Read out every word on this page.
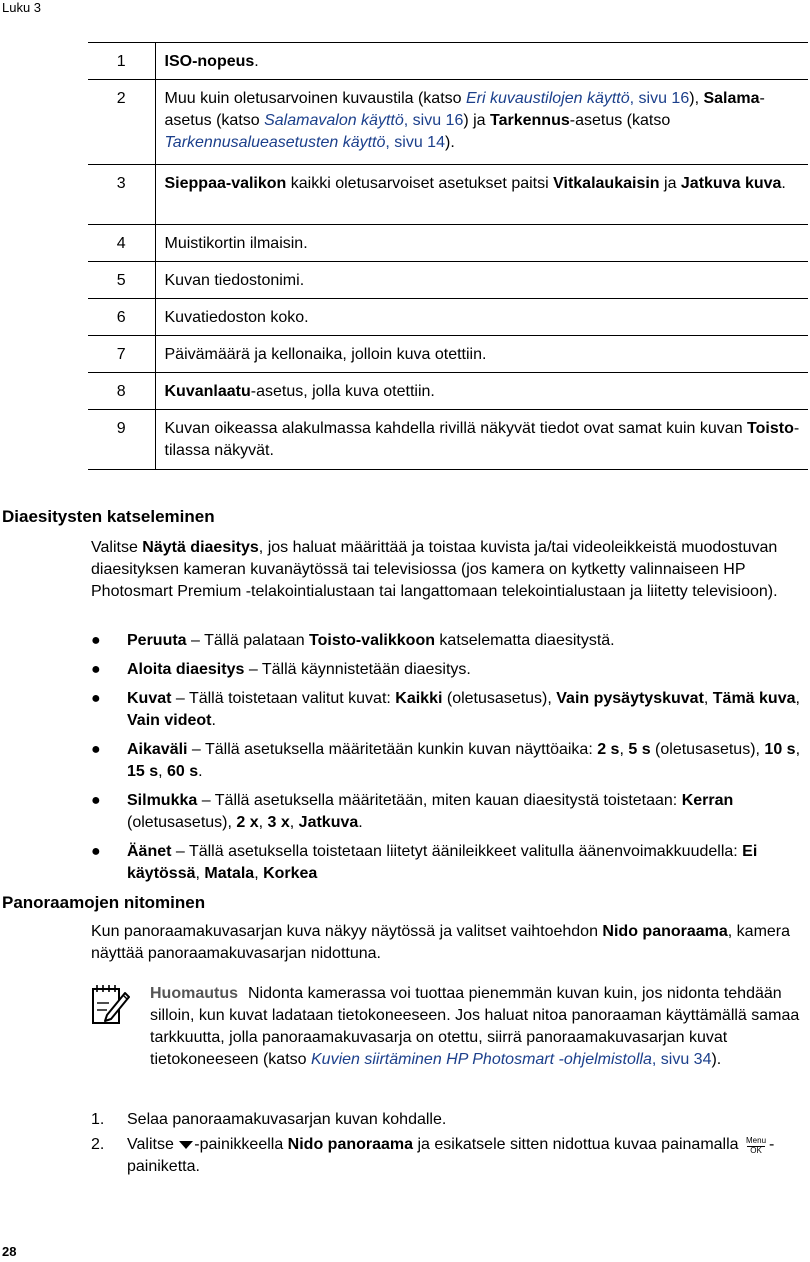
Luku 3
1	ISO-nopeus.
2	Muu kuin oletusarvoinen kuvaustila (katso Eri kuvaustilojen käyttö, sivu 16), Salama-asetus (katso Salamavalon käyttö, sivu 16) ja Tarkennus-asetus (katso Tarkennusalueasetusten käyttö, sivu 14).
3	Sieppaa-valikon kaikki oletusarvoiset asetukset paitsi Vitkalaukaisin ja Jatkuva kuva.
4	Muistikortin ilmaisin.
5	Kuvan tiedostonimi.
6	Kuvatiedoston koko.
7	Päivämäärä ja kellonaika, jolloin kuva otettiin.
8	Kuvanlaatu-asetus, jolla kuva otettiin.
9	Kuvan oikeassa alakulmassa kahdella rivillä näkyvät tiedot ovat samat kuin kuvan Toisto-tilassa näkyvät.
Diaesitysten katseleminen

Valitse Näytä diaesitys, jos haluat määrittää ja toistaa kuvista ja/tai videoleikkeistä muodostuvan diaesityksen kameran kuvanäytössä tai televisiossa (jos kamera on kytketty valinnaiseen HP Photosmart Premium -telakointialustaan tai langattomaan telekointialustaan ja liitetty televisioon).

● Peruuta – Tällä palataan Toisto-valikkoon katselematta diaesitystä.
● Aloita diaesitys – Tällä käynnistetään diaesitys.
● Kuvat – Tällä toistetaan valitut kuvat: Kaikki (oletusasetus), Vain pysäytyskuvat, Tämä kuva, Vain videot.
● Aikaväli – Tällä asetuksella määritetään kunkin kuvan näyttöaika: 2 s, 5 s (oletusasetus), 10 s, 15 s, 60 s.
● Silmukka – Tällä asetuksella määritetään, miten kauan diaesitystä toistetaan: Kerran (oletusasetus), 2 x, 3 x, Jatkuva.
● Äänet – Tällä asetuksella toistetaan liitetyt äänileikkeet valitulla äänenvoimakkuudella: Ei käytössä, Matala, Korkea
Panoraamojen nitominen

Kun panoraamakuvasarjan kuva näkyy näytössä ja valitset vaihtoehdon Nido panoraama, kamera näyttää panoraamakuvasarjan nidottuna.

Huomautus Nidonta kamerassa voi tuottaa pienemmän kuvan kuin, jos nidonta tehdään silloin, kun kuvat ladataan tietokoneeseen. Jos haluat nitoa panoraaman käyttämällä samaa tarkkuutta, jolla panoraamakuvasarja on otettu, siirrä panoraamakuvasarjan kuvat tietokoneeseen (katso Kuvien siirtäminen HP Photosmart -ohjelmistolla, sivu 34).
1. Selaa panoraamakuvasarjan kuvan kohdalle.
2. Valitse -painikkeella Nido panoraama ja esikatsele sitten nidottua kuvaa painamalla Menu
OK -painiketta.
28
